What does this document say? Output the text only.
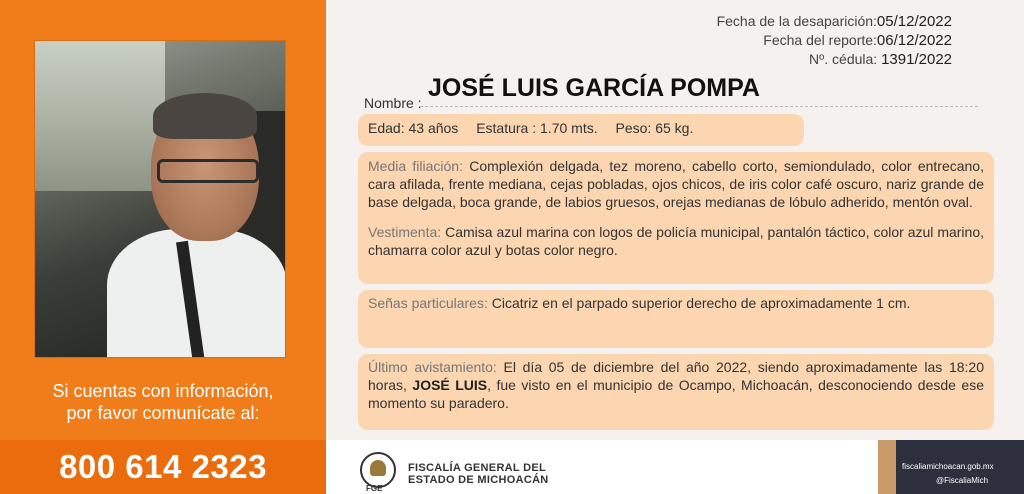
Si cuentas con información,
por favor comunícate al:
800 614 2323
Fecha de la desaparición:05/12/2022
Fecha del reporte:06/12/2022
Nº. cédula: 1391/2022
Nombre :
JOSÉ LUIS GARCÍA POMPA
Edad: 43 años Estatura : 1.70 mts. Peso: 65 kg.

Media filiación: Complexión delgada, tez moreno, cabello corto, semiondulado, color entrecano, cara afilada, frente mediana, cejas pobladas, ojos chicos, de iris color café oscuro, nariz grande de base delgada, boca grande, de labios gruesos, orejas medianas de lóbulo adherido, mentón oval.

Vestimenta: Camisa azul marina con logos de policía municipal, pantalón táctico, color azul marino, chamarra color azul y botas color negro.

Señas particulares: Cicatriz en el parpado superior derecho de aproximadamente 1 cm.
Último avistamiento: El día 05 de diciembre del año 2022, siendo aproximadamente las 18:20 horas, JOSÉ LUIS, fue visto en el municipio de Ocampo, Michoacán, desconociendo desde ese momento su paradero.
FGE
FISCALÍA GENERAL DEL
ESTADO DE MICHOACÁN
fiscaliamichoacan.gob.mx
@FiscaliaMich
